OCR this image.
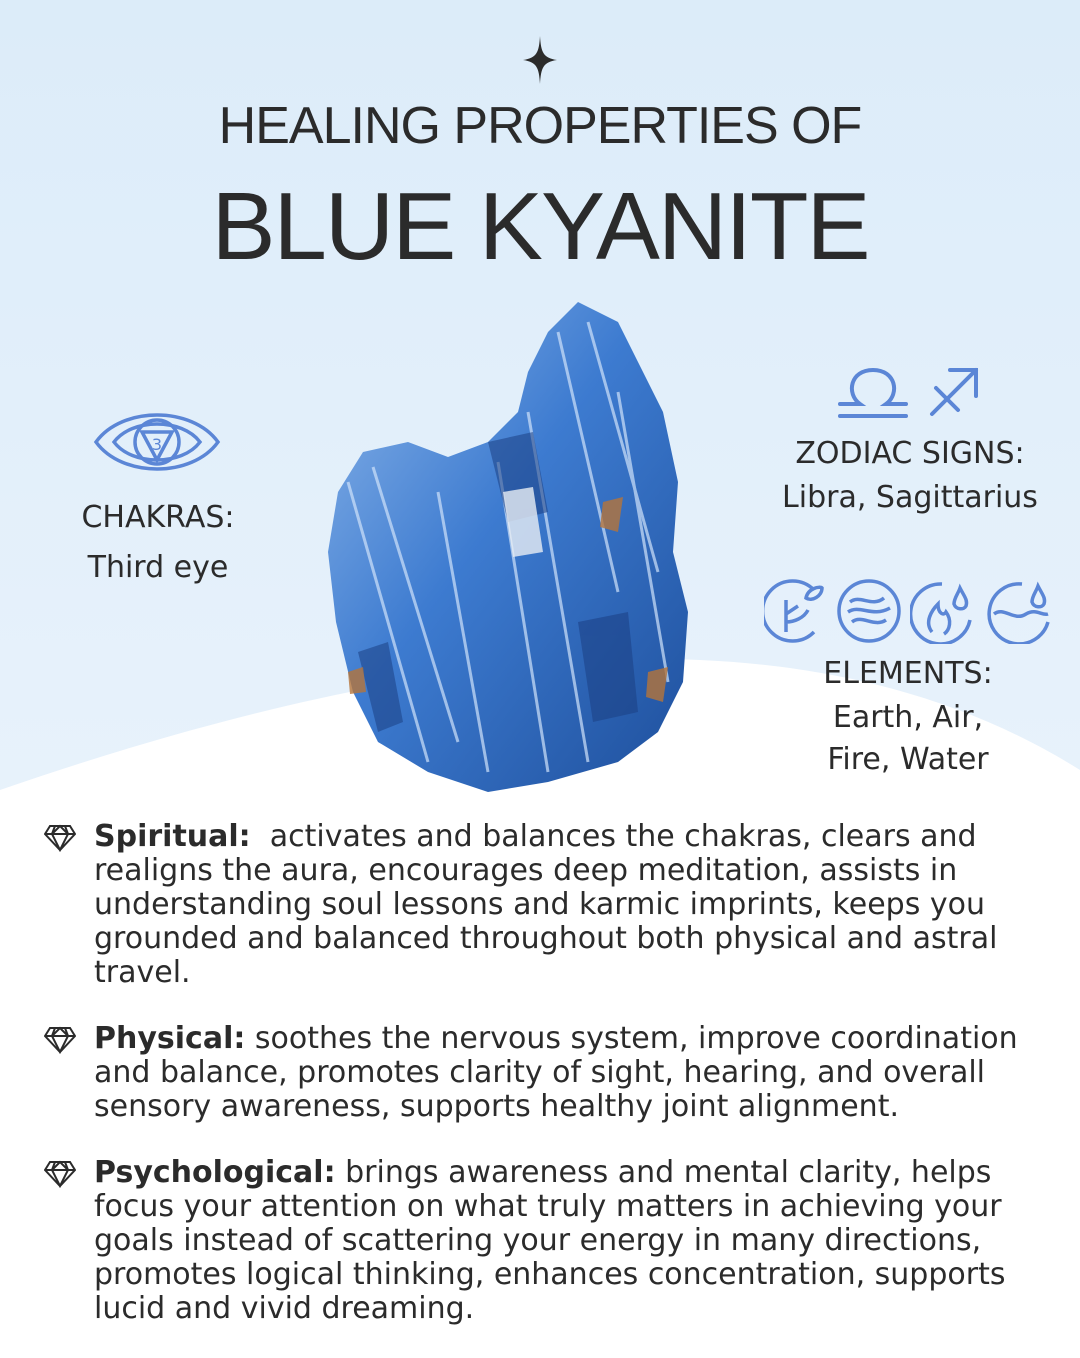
HEALING PROPERTIES OF
BLUE KYANITE
3
CHAKRAS:
Third eye
ZODIAC SIGNS:
Libra, Sagittarius
ELEMENTS:
Earth, Air,
Fire, Water
Spiritual:  activates and balances the chakras, clears and realigns the aura, encourages deep meditation, assists in understanding soul lessons and karmic imprints, keeps you grounded and balanced throughout both physical and astral travel.
Physical: soothes the nervous system, improve coordination and balance, promotes clarity of sight, hearing, and overall sensory awareness, supports healthy joint alignment.
Psychological: brings awareness and mental clarity, helps focus your attention on what truly matters in achieving your goals instead of scattering your energy in many directions, promotes logical thinking, enhances concentration, supports lucid and vivid dreaming.
